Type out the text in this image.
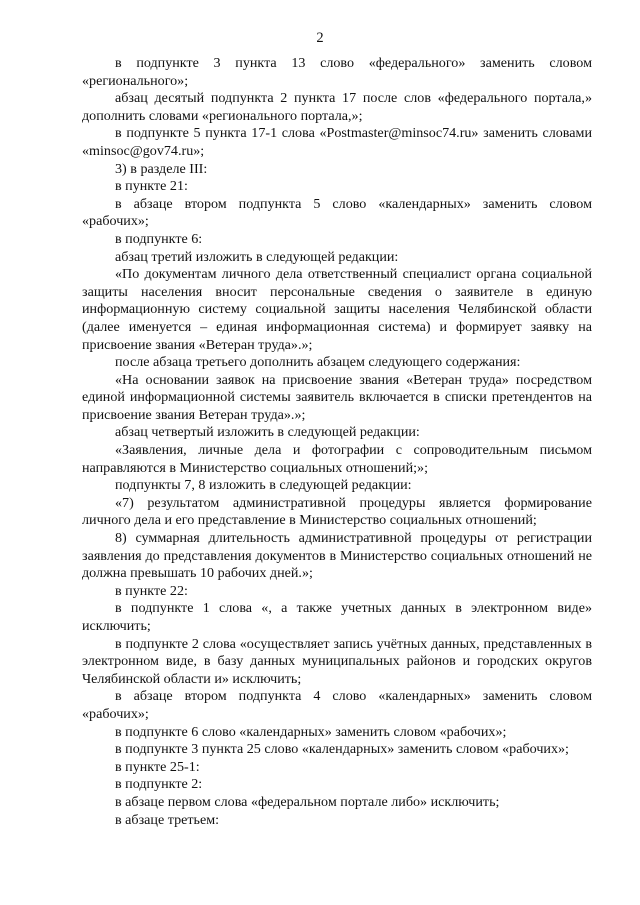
2

в подпункте 3 пункта 13 слово «федерального» заменить словом «регионального»;

абзац десятый подпункта 2 пункта 17 после слов «федерального портала,» дополнить словами «регионального портала,»;

в подпункте 5 пункта 17-1 слова «Postmaster@minsoc74.ru» заменить словами «minsoc@gov74.ru»;

3) в разделе III:

в пункте 21:

в абзаце втором подпункта 5 слово «календарных» заменить словом «рабочих»;

в подпункте 6:

абзац третий изложить в следующей редакции:

«По документам личного дела ответственный специалист органа социальной защиты населения вносит персональные сведения о заявителе в единую информационную систему социальной защиты населения Челябинской области (далее именуется – единая информационная система) и формирует заявку на присвоение звания «Ветеран труда».»;

после абзаца третьего дополнить абзацем следующего содержания:

«На основании заявок на присвоение звания «Ветеран труда» посредством единой информационной системы заявитель включается в списки претендентов на присвоение звания Ветеран труда».»;

абзац четвертый изложить в следующей редакции:

«Заявления, личные дела и фотографии с сопроводительным письмом направляются в Министерство социальных отношений;»;

подпункты 7, 8 изложить в следующей редакции:

«7) результатом административной процедуры является формирование личного дела и его представление в Министерство социальных отношений;

8) суммарная длительность административной процедуры от регистрации заявления до представления документов в Министерство социальных отношений не должна превышать 10 рабочих дней.»;

в пункте 22:

в подпункте 1 слова «, а также учетных данных в электронном виде» исключить;

в подпункте 2 слова «осуществляет запись учётных данных, представленных в электронном виде, в базу данных муниципальных районов и городских округов Челябинской области и» исключить;

в абзаце втором подпункта 4 слово «календарных» заменить словом «рабочих»;

в подпункте 6 слово «календарных» заменить словом «рабочих»;

в подпункте 3 пункта 25 слово «календарных» заменить словом «рабочих»;

в пункте 25-1:

в подпункте 2:

в абзаце первом слова «федеральном портале либо» исключить;

в абзаце третьем:
